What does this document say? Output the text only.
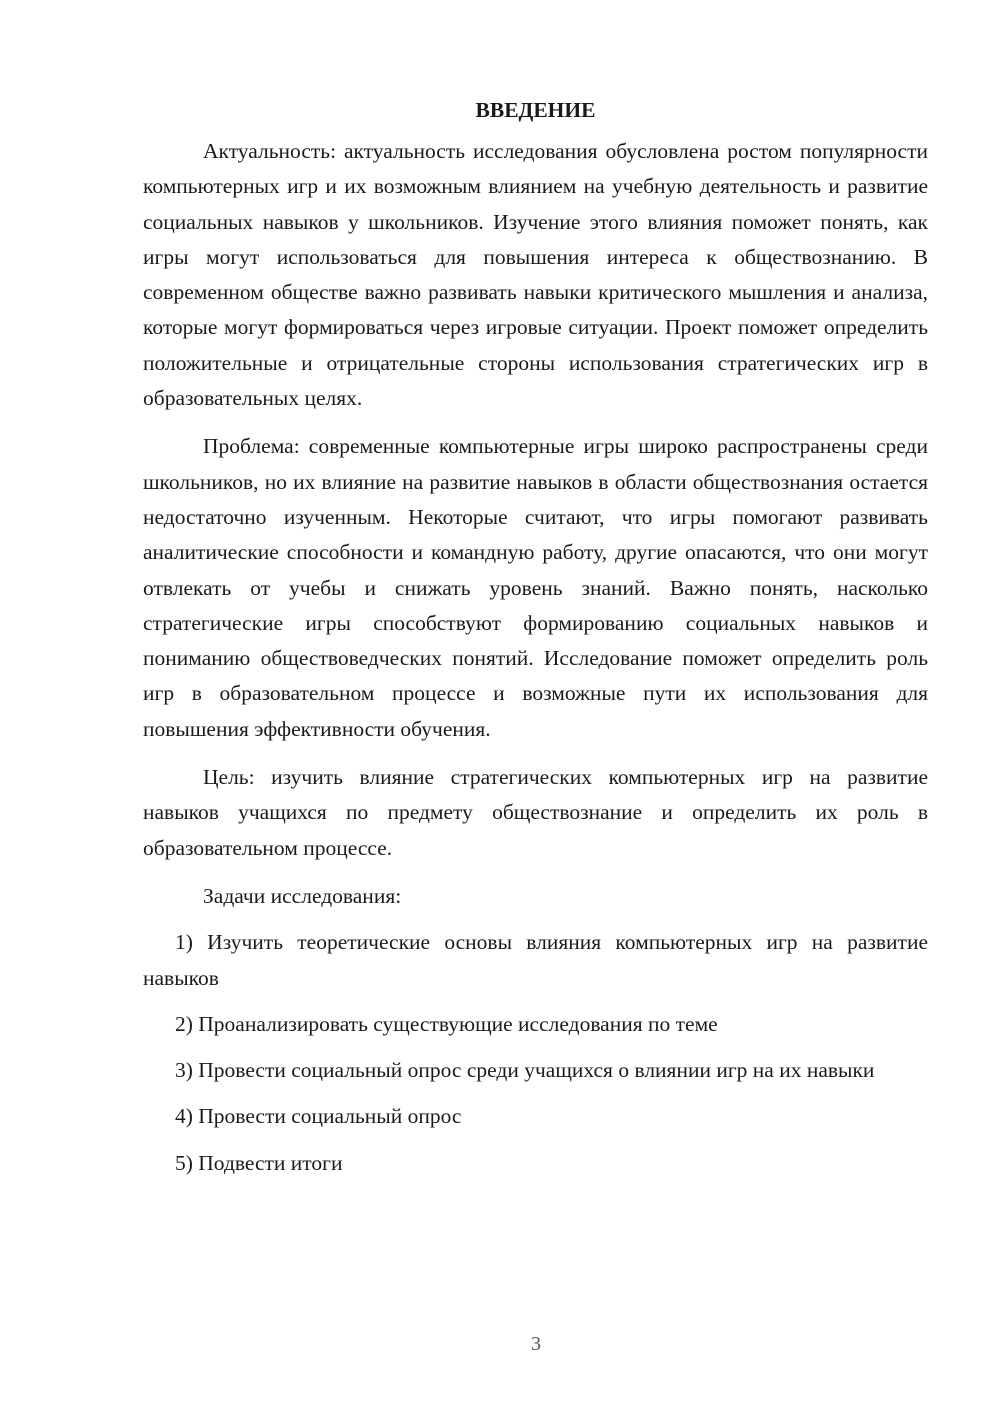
ВВЕДЕНИЕ

Актуальность: актуальность исследования обусловлена ростом популярности компьютерных игр и их возможным влиянием на учебную деятельность и развитие социальных навыков у школьников. Изучение этого влияния поможет понять, как игры могут использоваться для повышения интереса к обществознанию. В современном обществе важно развивать навыки критического мышления и анализа, которые могут формироваться через игровые ситуации. Проект поможет определить положительные и отрицательные стороны использования стратегических игр в образовательных целях.

Проблема: современные компьютерные игры широко распространены среди школьников, но их влияние на развитие навыков в области обществознания остается недостаточно изученным. Некоторые считают, что игры помогают развивать аналитические способности и командную работу, другие опасаются, что они могут отвлекать от учебы и снижать уровень знаний. Важно понять, насколько стратегические игры способствуют формированию социальных навыков и пониманию обществоведческих понятий. Исследование поможет определить роль игр в образовательном процессе и возможные пути их использования для повышения эффективности обучения.

Цель: изучить влияние стратегических компьютерных игр на развитие навыков учащихся по предмету обществознание и определить их роль в образовательном процессе.

Задачи исследования:

1) Изучить теоретические основы влияния компьютерных игр на развитие навыков

2) Проанализировать существующие исследования по теме

3) Провести социальный опрос среди учащихся о влиянии игр на их навыки

4) Провести социальный опрос

5) Подвести итоги

3
